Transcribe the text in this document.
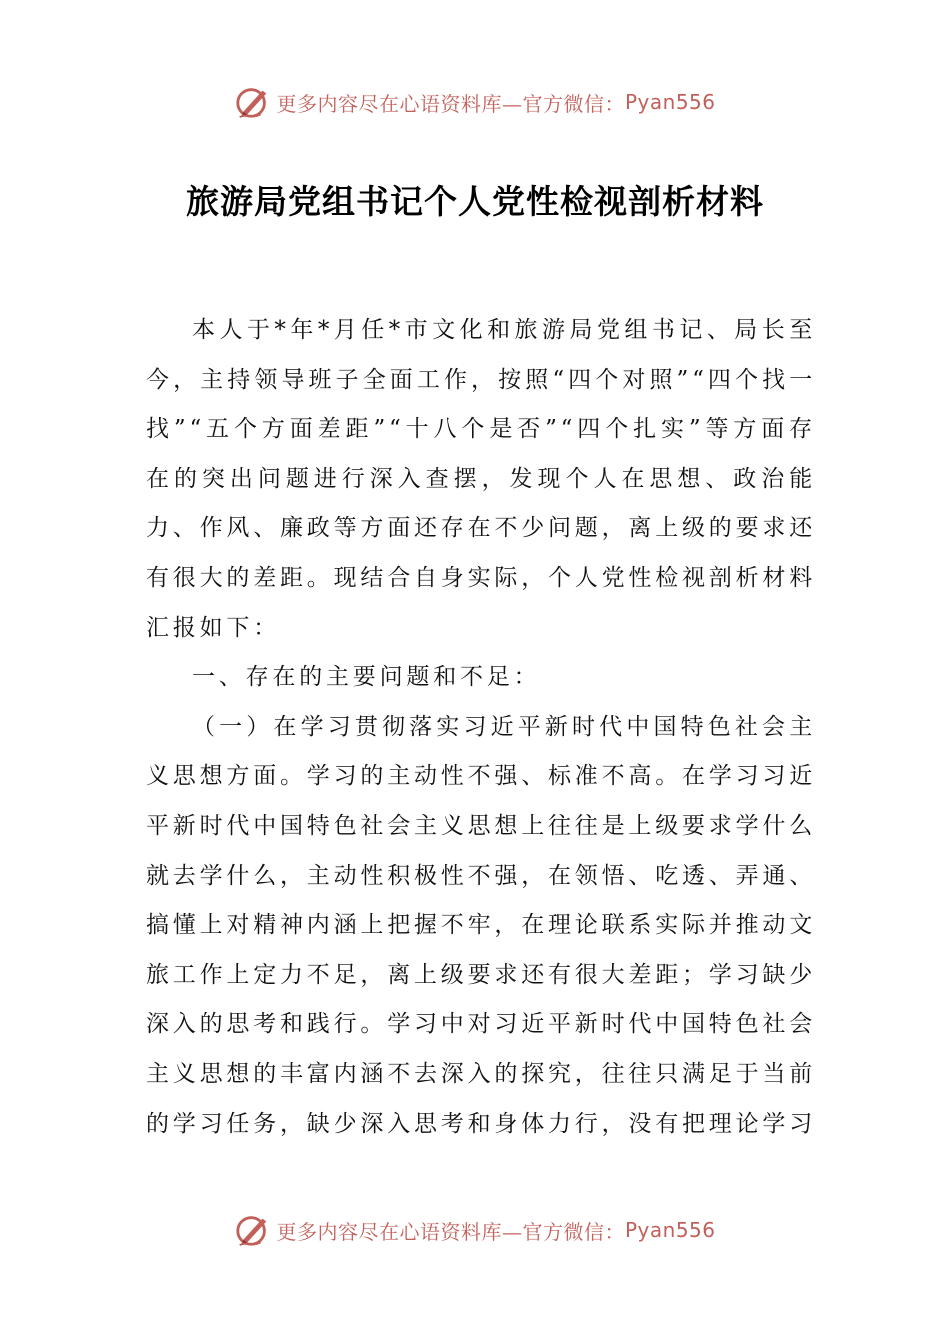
更多内容尽在心语资料库—官方微信： Pyan556
旅游局党组书记个人党性检视剖析材料

本人于*年*月任*市文化和旅游局党组书记、局长至今，主持领导班子全面工作，按照“四个对照”“四个找一找”“五个方面差距”“十八个是否”“四个扎实”等方面存在的突出问题进行深入查摆，发现个人在思想、政治能力、作风、廉政等方面还存在不少问题，离上级的要求还有很大的差距。现结合自身实际，个人党性检视剖析材料汇报如下：

一、存在的主要问题和不足：

（一）在学习贯彻落实习近平新时代中国特色社会主义思想方面。学习的主动性不强、标准不高。在学习习近平新时代中国特色社会主义思想上往往是上级要求学什么就去学什么，主动性积极性不强，在领悟、吃透、弄通、搞懂上对精神内涵上把握不牢，在理论联系实际并推动文旅工作上定力不足，离上级要求还有很大差距；学习缺少深入的思考和践行。学习中对习近平新时代中国特色社会主义思想的丰富内涵不去深入的探究，往往只满足于当前的学习任务，缺少深入思考和身体力行，没有把理论学习

更多内容尽在心语资料库—官方微信： Pyan556
